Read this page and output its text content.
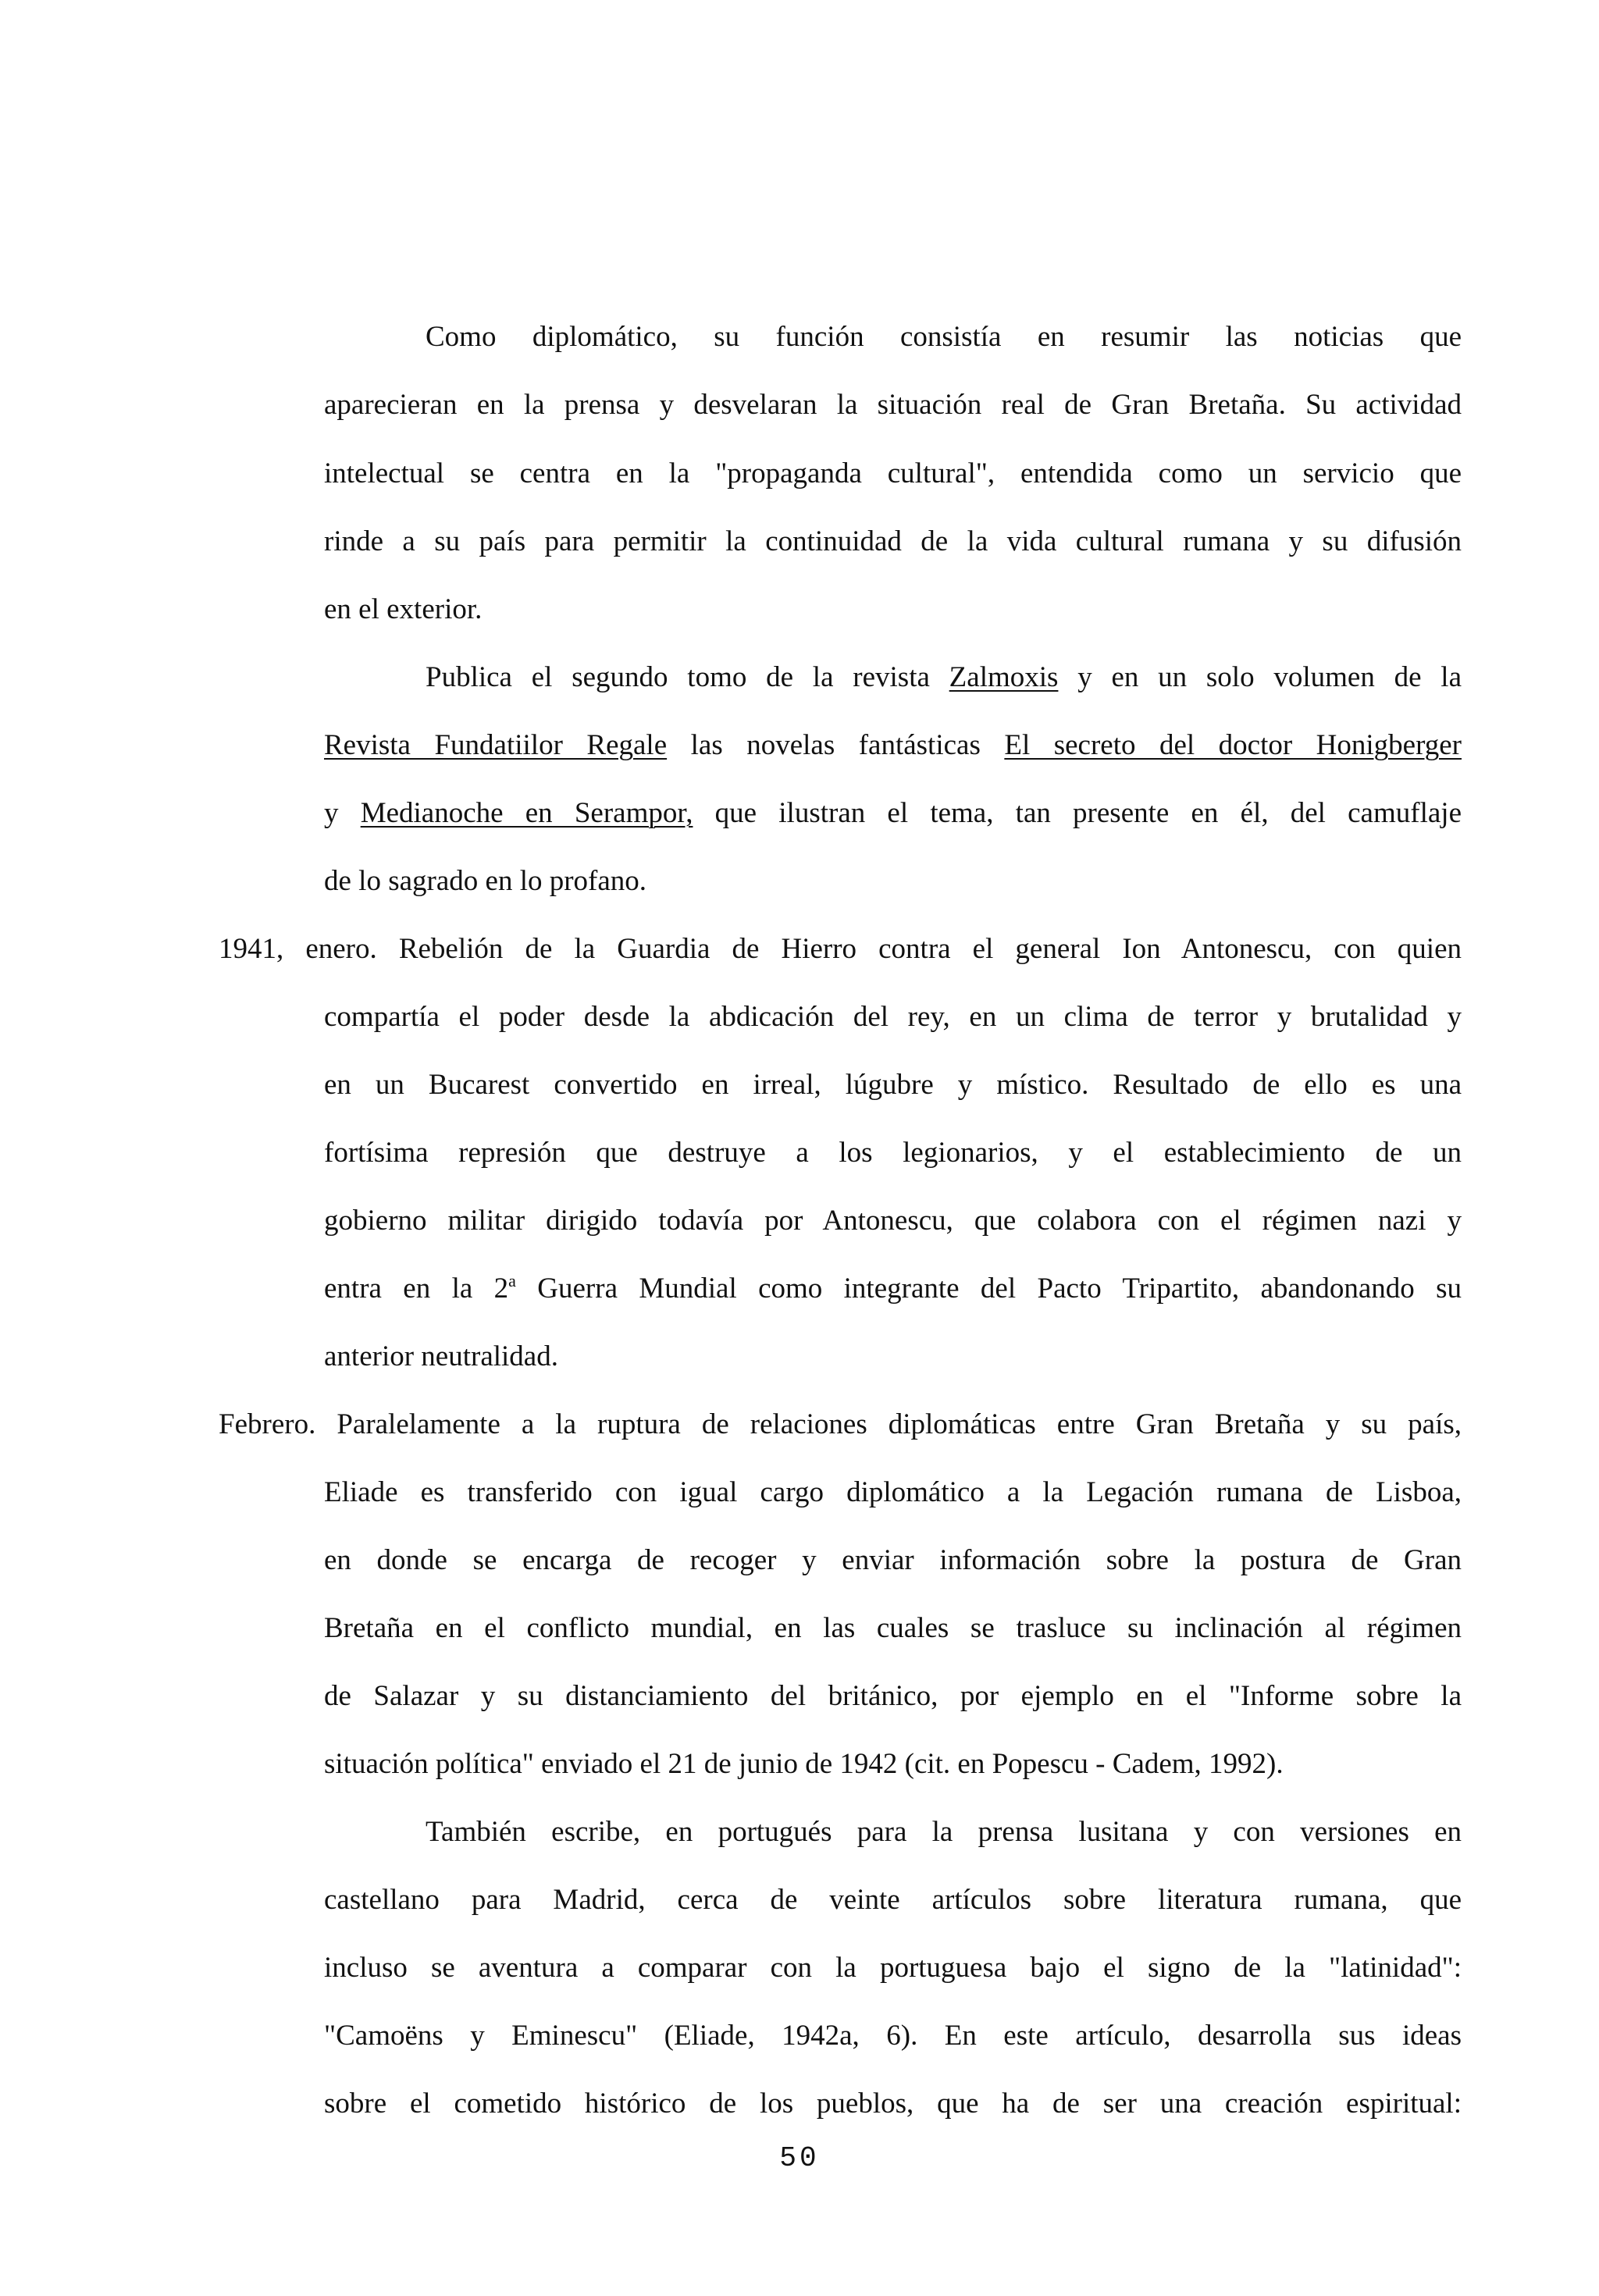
Como diplomático, su función consistía en resumir las noticias que
aparecieran en la prensa y desvelaran la situación real de Gran Bretaña. Su actividad
intelectual se centra en la "propaganda cultural", entendida como un servicio que
rinde a su país para permitir la continuidad de la vida cultural rumana y su difusión
en el exterior.
Publica el segundo tomo de la revista Zalmoxis y en un solo volumen de la
Revista Fundatiilor Regale las novelas fantásticas El secreto del doctor Honigberger
y Medianoche en Serampor, que ilustran el tema, tan presente en él, del camuflaje
de lo sagrado en lo profano.
1941, enero. Rebelión de la Guardia de Hierro contra el general Ion Antonescu, con quien
compartía el poder desde la abdicación del rey, en un clima de terror y brutalidad y
en un Bucarest convertido en irreal, lúgubre y místico. Resultado de ello es una
fortísima represión que destruye a los legionarios, y el establecimiento de un
gobierno militar dirigido todavía por Antonescu, que colabora con el régimen nazi y
entra en la 2$^a$ Guerra Mundial como integrante del Pacto Tripartito, abandonando su
anterior neutralidad.
Febrero. Paralelamente a la ruptura de relaciones diplomáticas entre Gran Bretaña y su país,
Eliade es transferido con igual cargo diplomático a la Legación rumana de Lisboa,
en donde se encarga de recoger y enviar información sobre la postura de Gran
Bretaña en el conflicto mundial, en las cuales se trasluce su inclinación al régimen
de Salazar y su distanciamiento del británico, por ejemplo en el "Informe sobre la
situación política" enviado el 21 de junio de 1942 (cit. en Popescu - Cadem, 1992).
También escribe, en portugués para la prensa lusitana y con versiones en
castellano para Madrid, cerca de veinte artículos sobre literatura rumana, que
incluso se aventura a comparar con la portuguesa bajo el signo de la "latinidad":
"Camoëns y Eminescu" (Eliade, 1942a, 6). En este artículo, desarrolla sus ideas
sobre el cometido histórico de los pueblos, que ha de ser una creación espiritual:
50
